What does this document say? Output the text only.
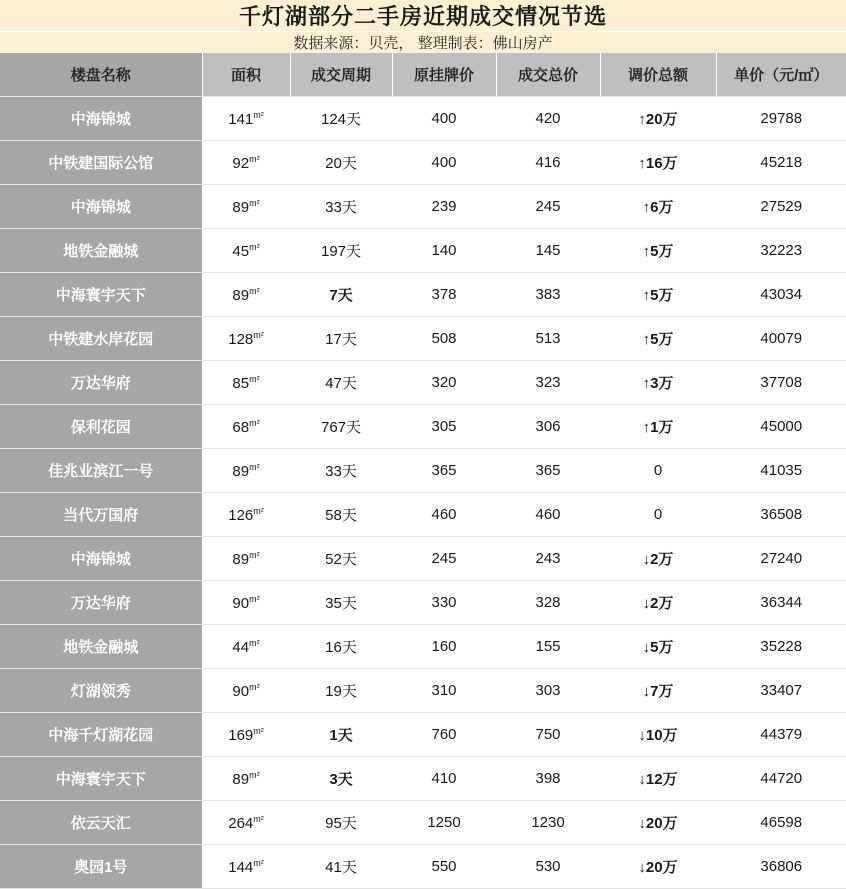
千灯湖部分二手房近期成交情况节选
数据来源：贝壳， 整理制表：佛山房产
楼盘名称	面积	成交周期	原挂牌价	成交总价	调价总额	单价（元/㎡）
中海锦城	$141^{m^2}$	124天	400	420	↑20万	29788
中铁建国际公馆	$92^{m^2}$	20天	400	416	↑16万	45218
中海锦城	$89^{m^2}$	33天	239	245	↑6万	27529
地铁金融城	$45^{m^2}$	197天	140	145	↑5万	32223
中海寰宇天下	$89^{m^2}$	7天	378	383	↑5万	43034
中铁建水岸花园	$128^{m^2}$	17天	508	513	↑5万	40079
万达华府	$85^{m^2}$	47天	320	323	↑3万	37708
保利花园	$68^{m^2}$	767天	305	306	↑1万	45000
佳兆业滨江一号	$89^{m^2}$	33天	365	365	0	41035
当代万国府	$126^{m^2}$	58天	460	460	0	36508
中海锦城	$89^{m^2}$	52天	245	243	↓2万	27240
万达华府	$90^{m^2}$	35天	330	328	↓2万	36344
地铁金融城	$44^{m^2}$	16天	160	155	↓5万	35228
灯湖领秀	$90^{m^2}$	19天	310	303	↓7万	33407
中海千灯湖花园	$169^{m^2}$	1天	760	750	↓10万	44379
中海寰宇天下	$89^{m^2}$	3天	410	398	↓12万	44720
依云天汇	$264^{m^2}$	95天	1250	1230	↓20万	46598
奥园1号	$144^{m^2}$	41天	550	530	↓20万	36806
